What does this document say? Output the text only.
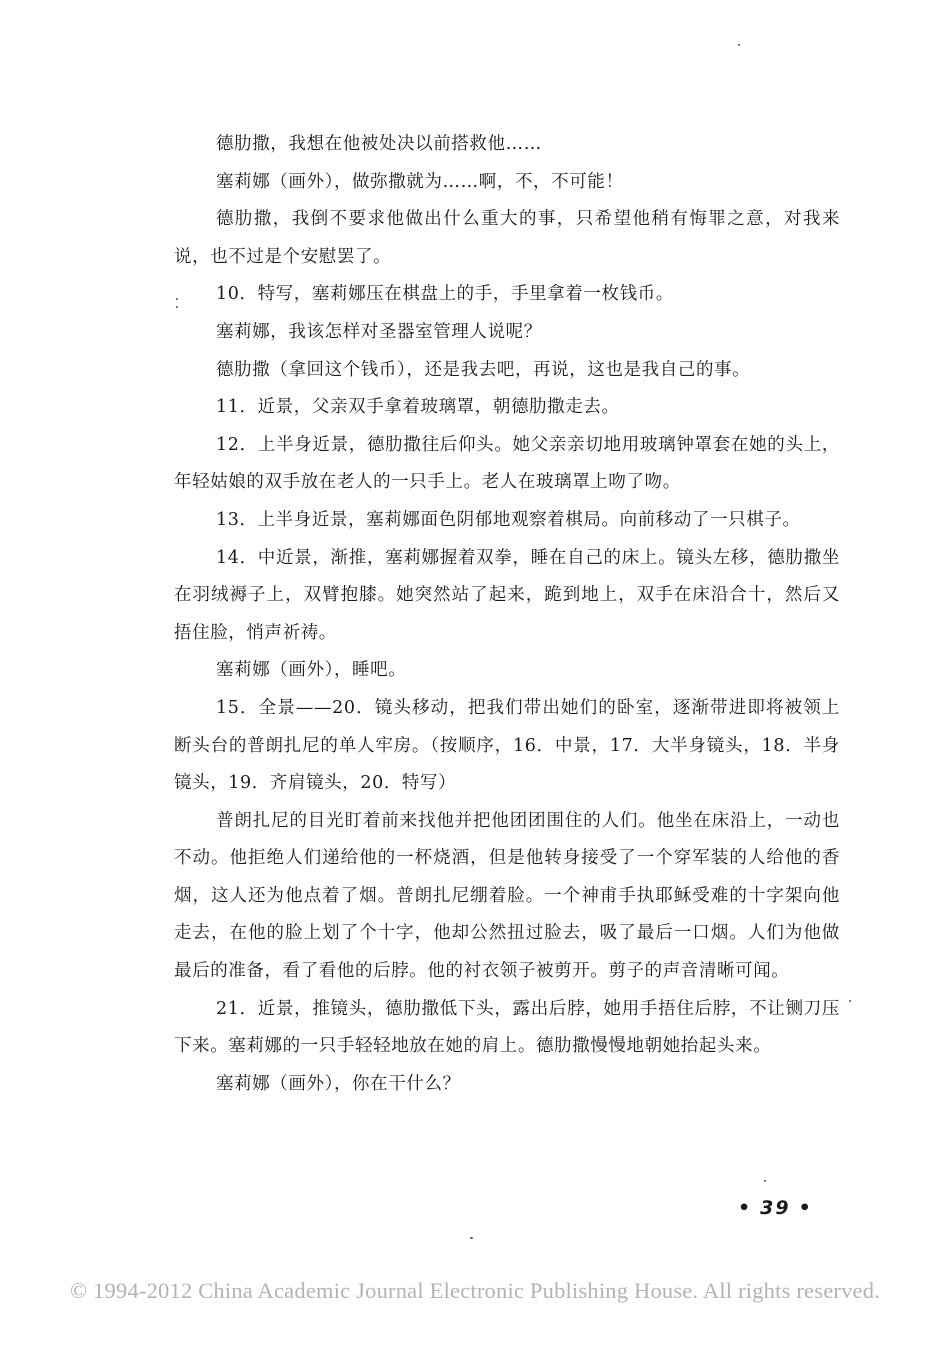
德肋撒，我想在他被处决以前搭救他……

塞莉娜（画外），做弥撒就为……啊，不，不可能！

德肋撒，我倒不要求他做出什么重大的事，只希望他稍有悔罪之意，对我来说，也不过是个安慰罢了。

10．特写，塞莉娜压在棋盘上的手，手里拿着一枚钱币。

塞莉娜，我该怎样对圣器室管理人说呢？

德肋撒（拿回这个钱币），还是我去吧，再说，这也是我自己的事。

11．近景，父亲双手拿着玻璃罩，朝德肋撒走去。

12．上半身近景，德肋撒往后仰头。她父亲亲切地用玻璃钟罩套在她的头上，年轻姑娘的双手放在老人的一只手上。老人在玻璃罩上吻了吻。

13．上半身近景，塞莉娜面色阴郁地观察着棋局。向前移动了一只棋子。

14．中近景，渐推，塞莉娜握着双拳，睡在自己的床上。镜头左移，德肋撒坐在羽绒褥子上，双臂抱膝。她突然站了起来，跪到地上，双手在床沿合十，然后又捂住脸，悄声祈祷。

塞莉娜（画外），睡吧。

15．全景——20．镜头移动，把我们带出她们的卧室，逐渐带进即将被领上断头台的普朗扎尼的单人牢房。（按顺序，16．中景，17．大半身镜头，18．半身镜头，19．齐肩镜头，20．特写）

普朗扎尼的目光盯着前来找他并把他团团围住的人们。他坐在床沿上，一动也不动。他拒绝人们递给他的一杯烧酒，但是他转身接受了一个穿军装的人给他的香烟，这人还为他点着了烟。普朗扎尼绷着脸。一个神甫手执耶稣受难的十字架向他走去，在他的脸上划了个十字，他却公然扭过脸去，吸了最后一口烟。人们为他做最后的准备，看了看他的后脖。他的衬衣领子被剪开。剪子的声音清晰可闻。

21．近景，推镜头，德肋撒低下头，露出后脖，她用手捂住后脖，不让铡刀压下来。塞莉娜的一只手轻轻地放在她的肩上。德肋撒慢慢地朝她抬起头来。

塞莉娜（画外），你在干什么？

• 39 •
© 1994-2012 China Academic Journal Electronic Publishing House. All rights reserved.
